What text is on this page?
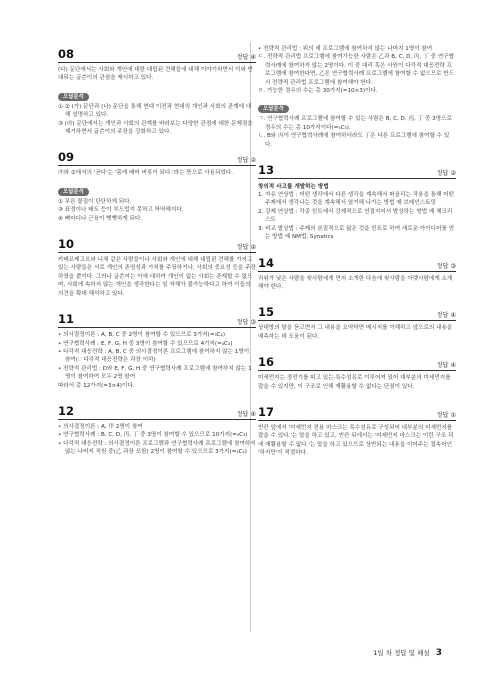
08	정답 ④

(다) 문단에서는 사회와 개인에 대한 대립된 견해들에 대해 이야기하면서 이와 반대되는 글쓴이의 관점을 제시하고 있다.

오답분석

①·② (가) 문단과 (나) 문단을 통해 현대 이전과 현대의 개인과 사회의 관계에 대해 설명하고 있다.

③ (라) 문단에서는 개인과 사회의 관계를 바라보는 다양한 관점에 대한 문제점을 제기하면서 글쓴이의 주장을 강화하고 있다.

09	정답 ②

㉮와 ②에서의 '굳다'는 '몸에 배어 버릇이 되다.'라는 뜻으로 사용되었다.

오답분석

① 무른 물질이 단단하게 되다.

③ 표정이나 태도 등이 부드럽지 못하고 딱딱해지다.

④ 뼈마디나 근육이 뻣뻣하게 되다.

10	정답 ②

카메르케고르와 니체 같은 사람들이나 사회와 개인에 대해 대립된 견해를 가지고 있는 사람들은 서로 개인의 존엄성과 가치를 주장하거나, 사회의 중요성 등을 주장하였을 뿐이다. 그러나 글쓴이는 이에 대하여 개인이 없는 사회는 존재할 수 없으며, 사회에 속하지 않는 개인을 생각한다는 일 자체가 불가능하다고 하여 이들의 의견을 확대 해석하고 있다.

11	정답 ③

• 의사결정이론 : A, B, C 중 2명이 참여할 수 있으므로 3가지(=₃C₂)

• 연구협력사례 : E, F, G, H 중 3명이 참여할 수 있으므로 4가지(=₄C₃)

• 다각적 대응전략 : A, B, C 중 의사결정이론 프로그램에 참여하지 않는 1명이 참여(∵ 다각적 대응전략은 과장 이하)

• 전략적 관리법 : D와 E, F, G, H 중 연구협력사례 프로그램에 참여하지 않는 1명이 참여하여 모두 2명 참여

따라서 총 12가지(=3×4)이다.

12	정답 ④

• 의사결정이론 : A, 甲 2명이 참여

• 연구협력사례 : B, C, D, 丙, 丁 중 3명이 참여할 수 있으므로 10가지(=₅C₃)

• 다각적 대응전략 : 의사결정이론 프로그램과 연구협력사례 프로그램에 참여하지 않는 나머지 직원 중(乙 과장 포함) 2명이 참여할 수 있으므로 3가지(=₃C₂)

• 전략적 관리법 : 위의 세 프로그램에 참여하지 않는 나머지 1명이 참여

ㄷ. 전략적 관리법 프로그램에 참여가능한 사람은 乙과 B, C, D, 丙, 丁 중 연구협력사례에 참여하지 않는 2명이다. 이 중 대리 혹은 사원이 다각적 대응전략 프로그램에 참여한다면, 乙은 연구협력사례 프로그램에 참여할 수 없으므로 반드시 전략적 관리법 프로그램에 참여해야 한다.

ㄹ. 가능한 경우의 수는 총 30가지(=10×3)이다.

오답분석

ㄱ. 연구협력사례 프로그램에 참여할 수 있는 사람은 B, C, D, 丙, 丁 중 3명으로 경우의 수는 총 10가지이다(=₅C₃).

ㄴ. B와 丙이 연구협력사례에 참여하더라도 丁은 다른 프로그램에 참여할 수 있다.

13	정답 ②

창의적 사고를 개발하는 방법

1. 자유 연상법 : 어떤 생각에서 다른 생각을 계속해서 떠올리는 작용을 통해 어떤 주제에서 생각나는 것을 계속해서 열거해 나가는 방법 예 브레인스토밍

2. 강제 연상법 : 각종 힌트에서 강제적으로 연결지어서 발상하는 방법 예 체크리스트

3. 비교 발상법 : 주제의 본질적으로 닮은 것을 힌트로 하여 새로운 아이디어를 얻는 방법 예 NM법, Synetics

14	정답 ③

직위가 낮은 사람을 윗사람에게 먼저 소개한 다음에 윗사람을 아랫사람에게 소개해야 한다.

15	정답 ④

상대방의 말을 듣고면서 그 내용을 요약하면 메시지를 이해하고 앞으로의 내용을 예측하는 데 도움이 된다.

16	정답 ④

미세먼지는 정전기를 띠고 있는 특수섬유로 이루어져 있어 대부분의 미세먼지를 잡을 수 있지만, 이 구조로 인해 재활용할 수 없다는 단점이 있다.

17	정답 ①

빈칸 앞에서 '미세먼지 전용 마스크는 특수섬유로 구성되어 대부분의 미세먼지를 잡을 수 있다.'는 말을 하고 있고, 빈칸 뒤에서는 '미세먼지 마스크는 이런 구조 덕에 재활용할 수 없다.'는 말을 하고 있으므로 상반되는 내용을 이어주는 접속어인 '하지만'이 적절하다.

1일 차 정답 및 해설 3
